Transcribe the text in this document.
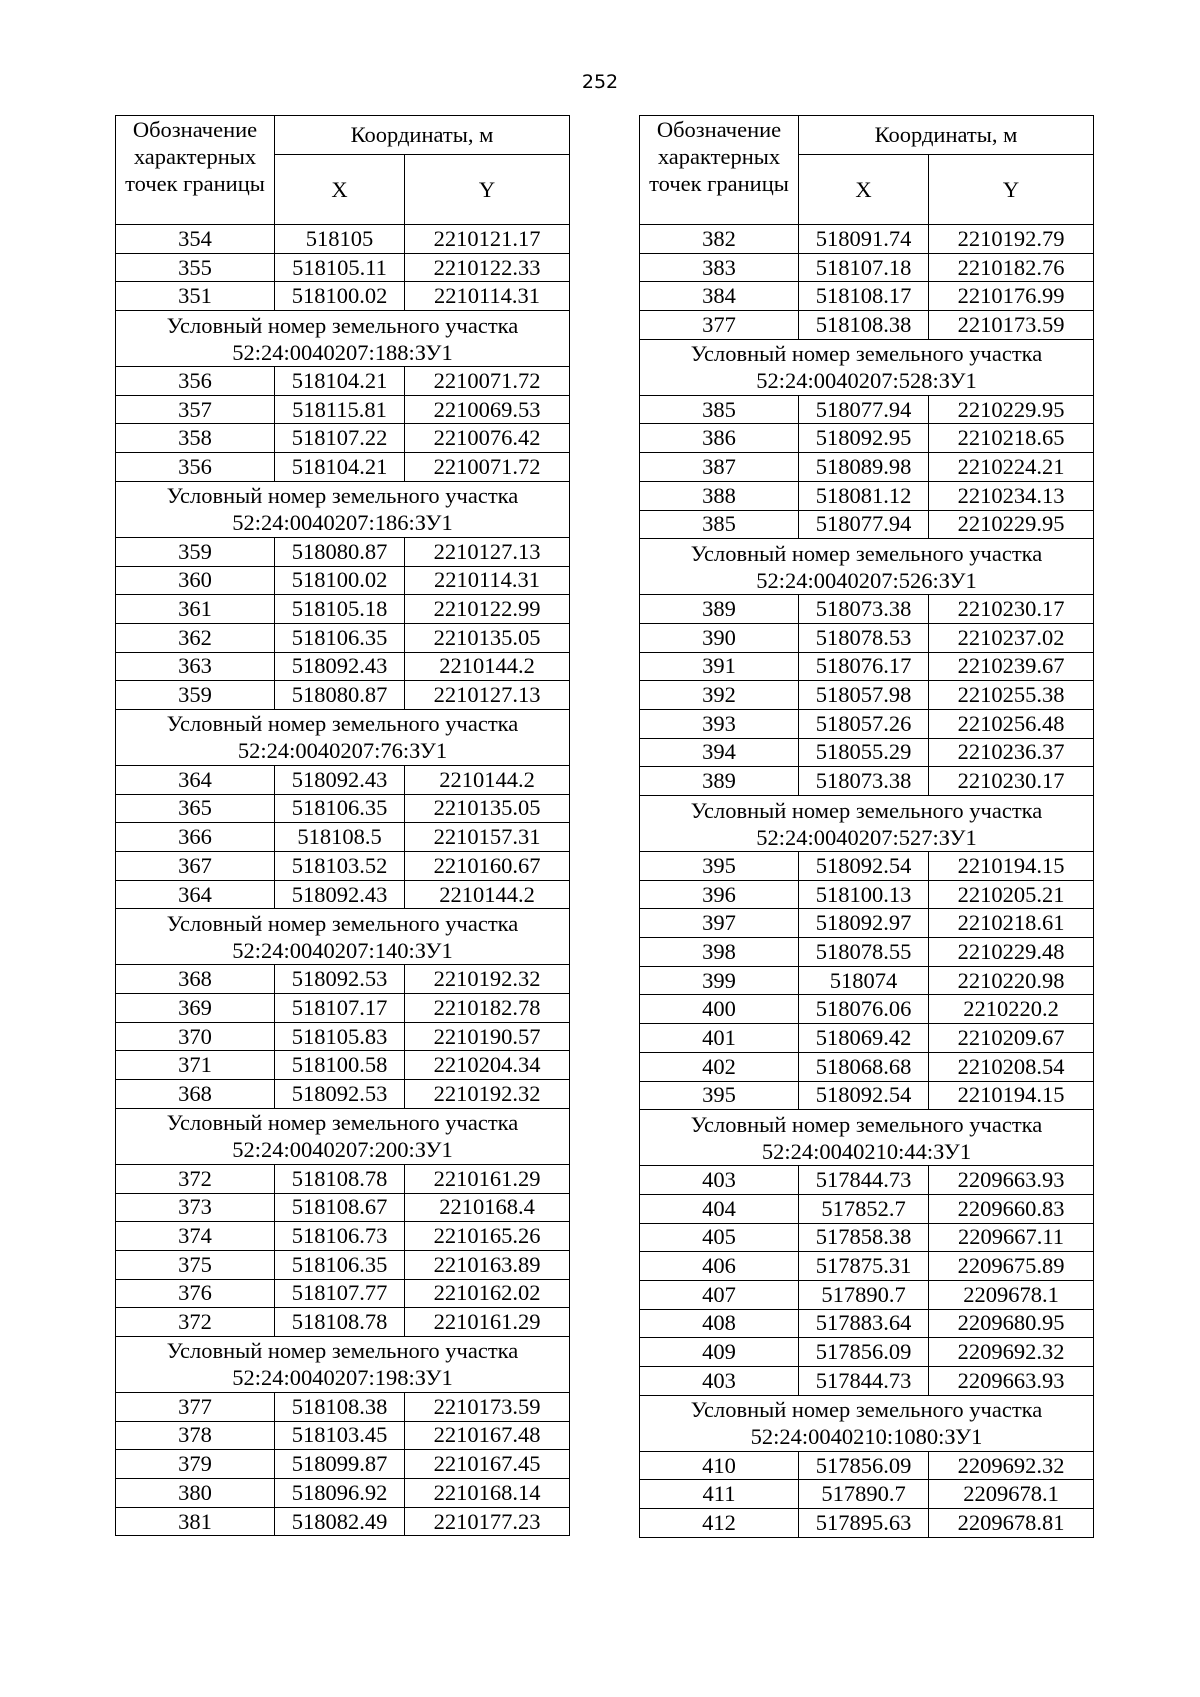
252
Обозначение характерных точек границы	Координаты, м	
	X	Y
354	518105	2210121.17
355	518105.11	2210122.33
351	518100.02	2210114.31

Условный номер земельного участка
52:24:0040207:188:ЗУ1		

356	518104.21	2210071.72
357	518115.81	2210069.53
358	518107.22	2210076.42
356	518104.21	2210071.72

Условный номер земельного участка
52:24:0040207:186:ЗУ1		

359	518080.87	2210127.13
360	518100.02	2210114.31
361	518105.18	2210122.99
362	518106.35	2210135.05
363	518092.43	2210144.2
359	518080.87	2210127.13

Условный номер земельного участка
52:24:0040207:76:ЗУ1		

364	518092.43	2210144.2
365	518106.35	2210135.05
366	518108.5	2210157.31
367	518103.52	2210160.67
364	518092.43	2210144.2

Условный номер земельного участка
52:24:0040207:140:ЗУ1		

368	518092.53	2210192.32
369	518107.17	2210182.78
370	518105.83	2210190.57
371	518100.58	2210204.34
368	518092.53	2210192.32

Условный номер земельного участка
52:24:0040207:200:ЗУ1		

372	518108.78	2210161.29
373	518108.67	2210168.4
374	518106.73	2210165.26
375	518106.35	2210163.89
376	518107.77	2210162.02
372	518108.78	2210161.29

Условный номер земельного участка
52:24:0040207:198:ЗУ1		

377	518108.38	2210173.59
378	518103.45	2210167.48
379	518099.87	2210167.45
380	518096.92	2210168.14
381	518082.49	2210177.23
Обозначение характерных точек границы	Координаты, м	
	X	Y
382	518091.74	2210192.79
383	518107.18	2210182.76
384	518108.17	2210176.99
377	518108.38	2210173.59

Условный номер земельного участка
52:24:0040207:528:ЗУ1		

385	518077.94	2210229.95
386	518092.95	2210218.65
387	518089.98	2210224.21
388	518081.12	2210234.13
385	518077.94	2210229.95

Условный номер земельного участка
52:24:0040207:526:ЗУ1		

389	518073.38	2210230.17
390	518078.53	2210237.02
391	518076.17	2210239.67
392	518057.98	2210255.38
393	518057.26	2210256.48
394	518055.29	2210236.37
389	518073.38	2210230.17

Условный номер земельного участка
52:24:0040207:527:ЗУ1		

395	518092.54	2210194.15
396	518100.13	2210205.21
397	518092.97	2210218.61
398	518078.55	2210229.48
399	518074	2210220.98
400	518076.06	2210220.2
401	518069.42	2210209.67
402	518068.68	2210208.54
395	518092.54	2210194.15

Условный номер земельного участка
52:24:0040210:44:ЗУ1		

403	517844.73	2209663.93
404	517852.7	2209660.83
405	517858.38	2209667.11
406	517875.31	2209675.89
407	517890.7	2209678.1
408	517883.64	2209680.95
409	517856.09	2209692.32
403	517844.73	2209663.93

Условный номер земельного участка
52:24:0040210:1080:ЗУ1		

410	517856.09	2209692.32
411	517890.7	2209678.1
412	517895.63	2209678.81
